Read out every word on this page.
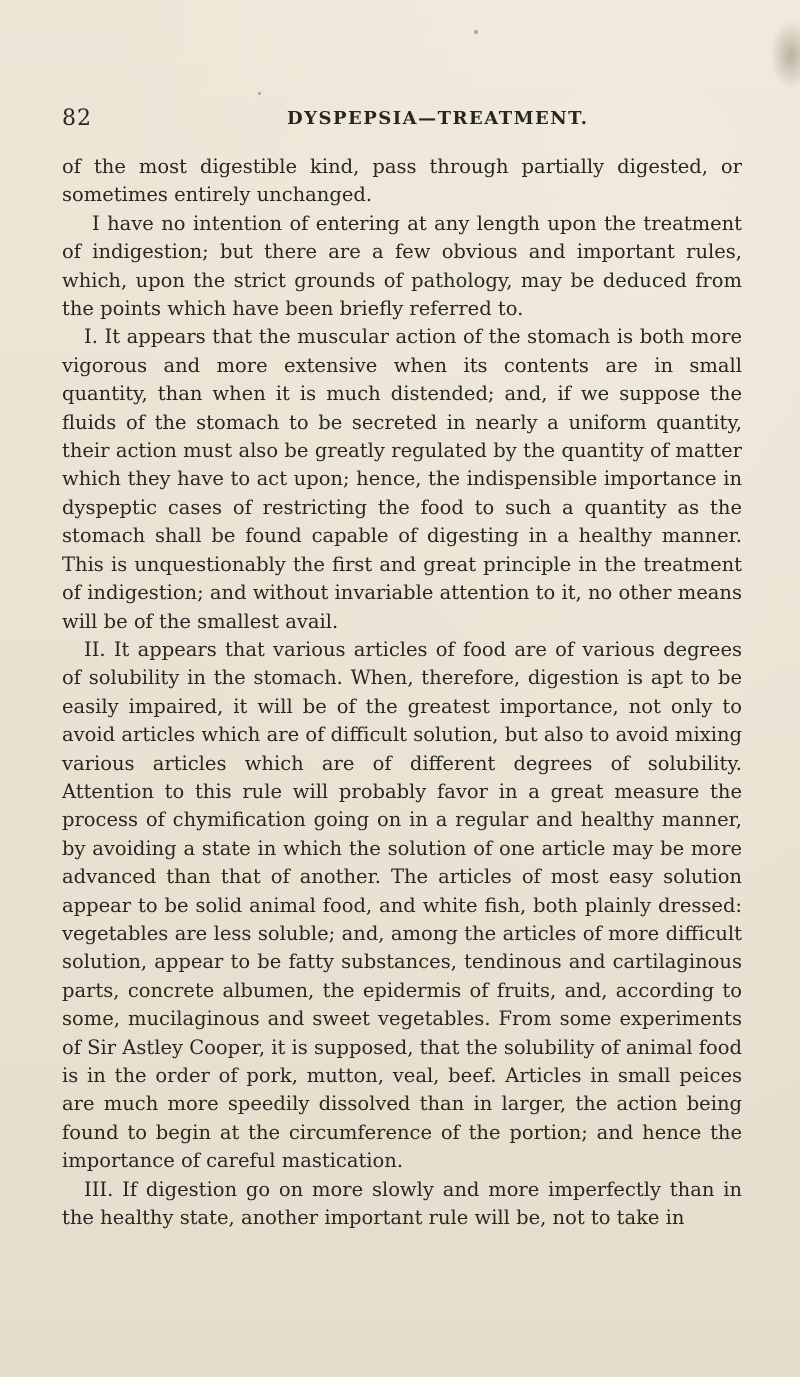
82	DYSPEPSIA—TREATMENT.

of the most digestible kind, pass through partially digested, or sometimes entirely unchanged.

I have no intention of entering at any length upon the treatment of indigestion; but there are a few obvious and important rules, which, upon the strict grounds of pathology, may be deduced from the points which have been briefly referred to.

I. It appears that the muscular action of the stomach is both more vigorous and more extensive when its contents are in small quantity, than when it is much distended; and, if we suppose the fluids of the stomach to be secreted in nearly a uniform quantity, their action must also be greatly regulated by the quantity of matter which they have to act upon; hence, the indispensible importance in dyspeptic cases of restricting the food to such a quantity as the stomach shall be found capable of digesting in a healthy manner. This is unquestionably the first and great principle in the treatment of indigestion; and without invariable attention to it, no other means will be of the smallest avail.

II. It appears that various articles of food are of various degrees of solubility in the stomach. When, therefore, digestion is apt to be easily impaired, it will be of the greatest importance, not only to avoid articles which are of difficult solution, but also to avoid mixing various articles which are of different degrees of solubility. Attention to this rule will probably favor in a great measure the process of chymification going on in a regular and healthy manner, by avoiding a state in which the solution of one article may be more advanced than that of another. The articles of most easy solution appear to be solid animal food, and white fish, both plainly dressed: vegetables are less soluble; and, among the articles of more difficult solution, appear to be fatty substances, tendinous and cartilaginous parts, concrete albumen, the epidermis of fruits, and, according to some, mucilaginous and sweet vegetables. From some experiments of Sir Astley Cooper, it is supposed, that the solubility of animal food is in the order of pork, mutton, veal, beef. Articles in small peices are much more speedily dissolved than in larger, the action being found to begin at the circumference of the portion; and hence the importance of careful mastication.

III. If digestion go on more slowly and more imperfectly than in the healthy state, another important rule will be, not to take in
